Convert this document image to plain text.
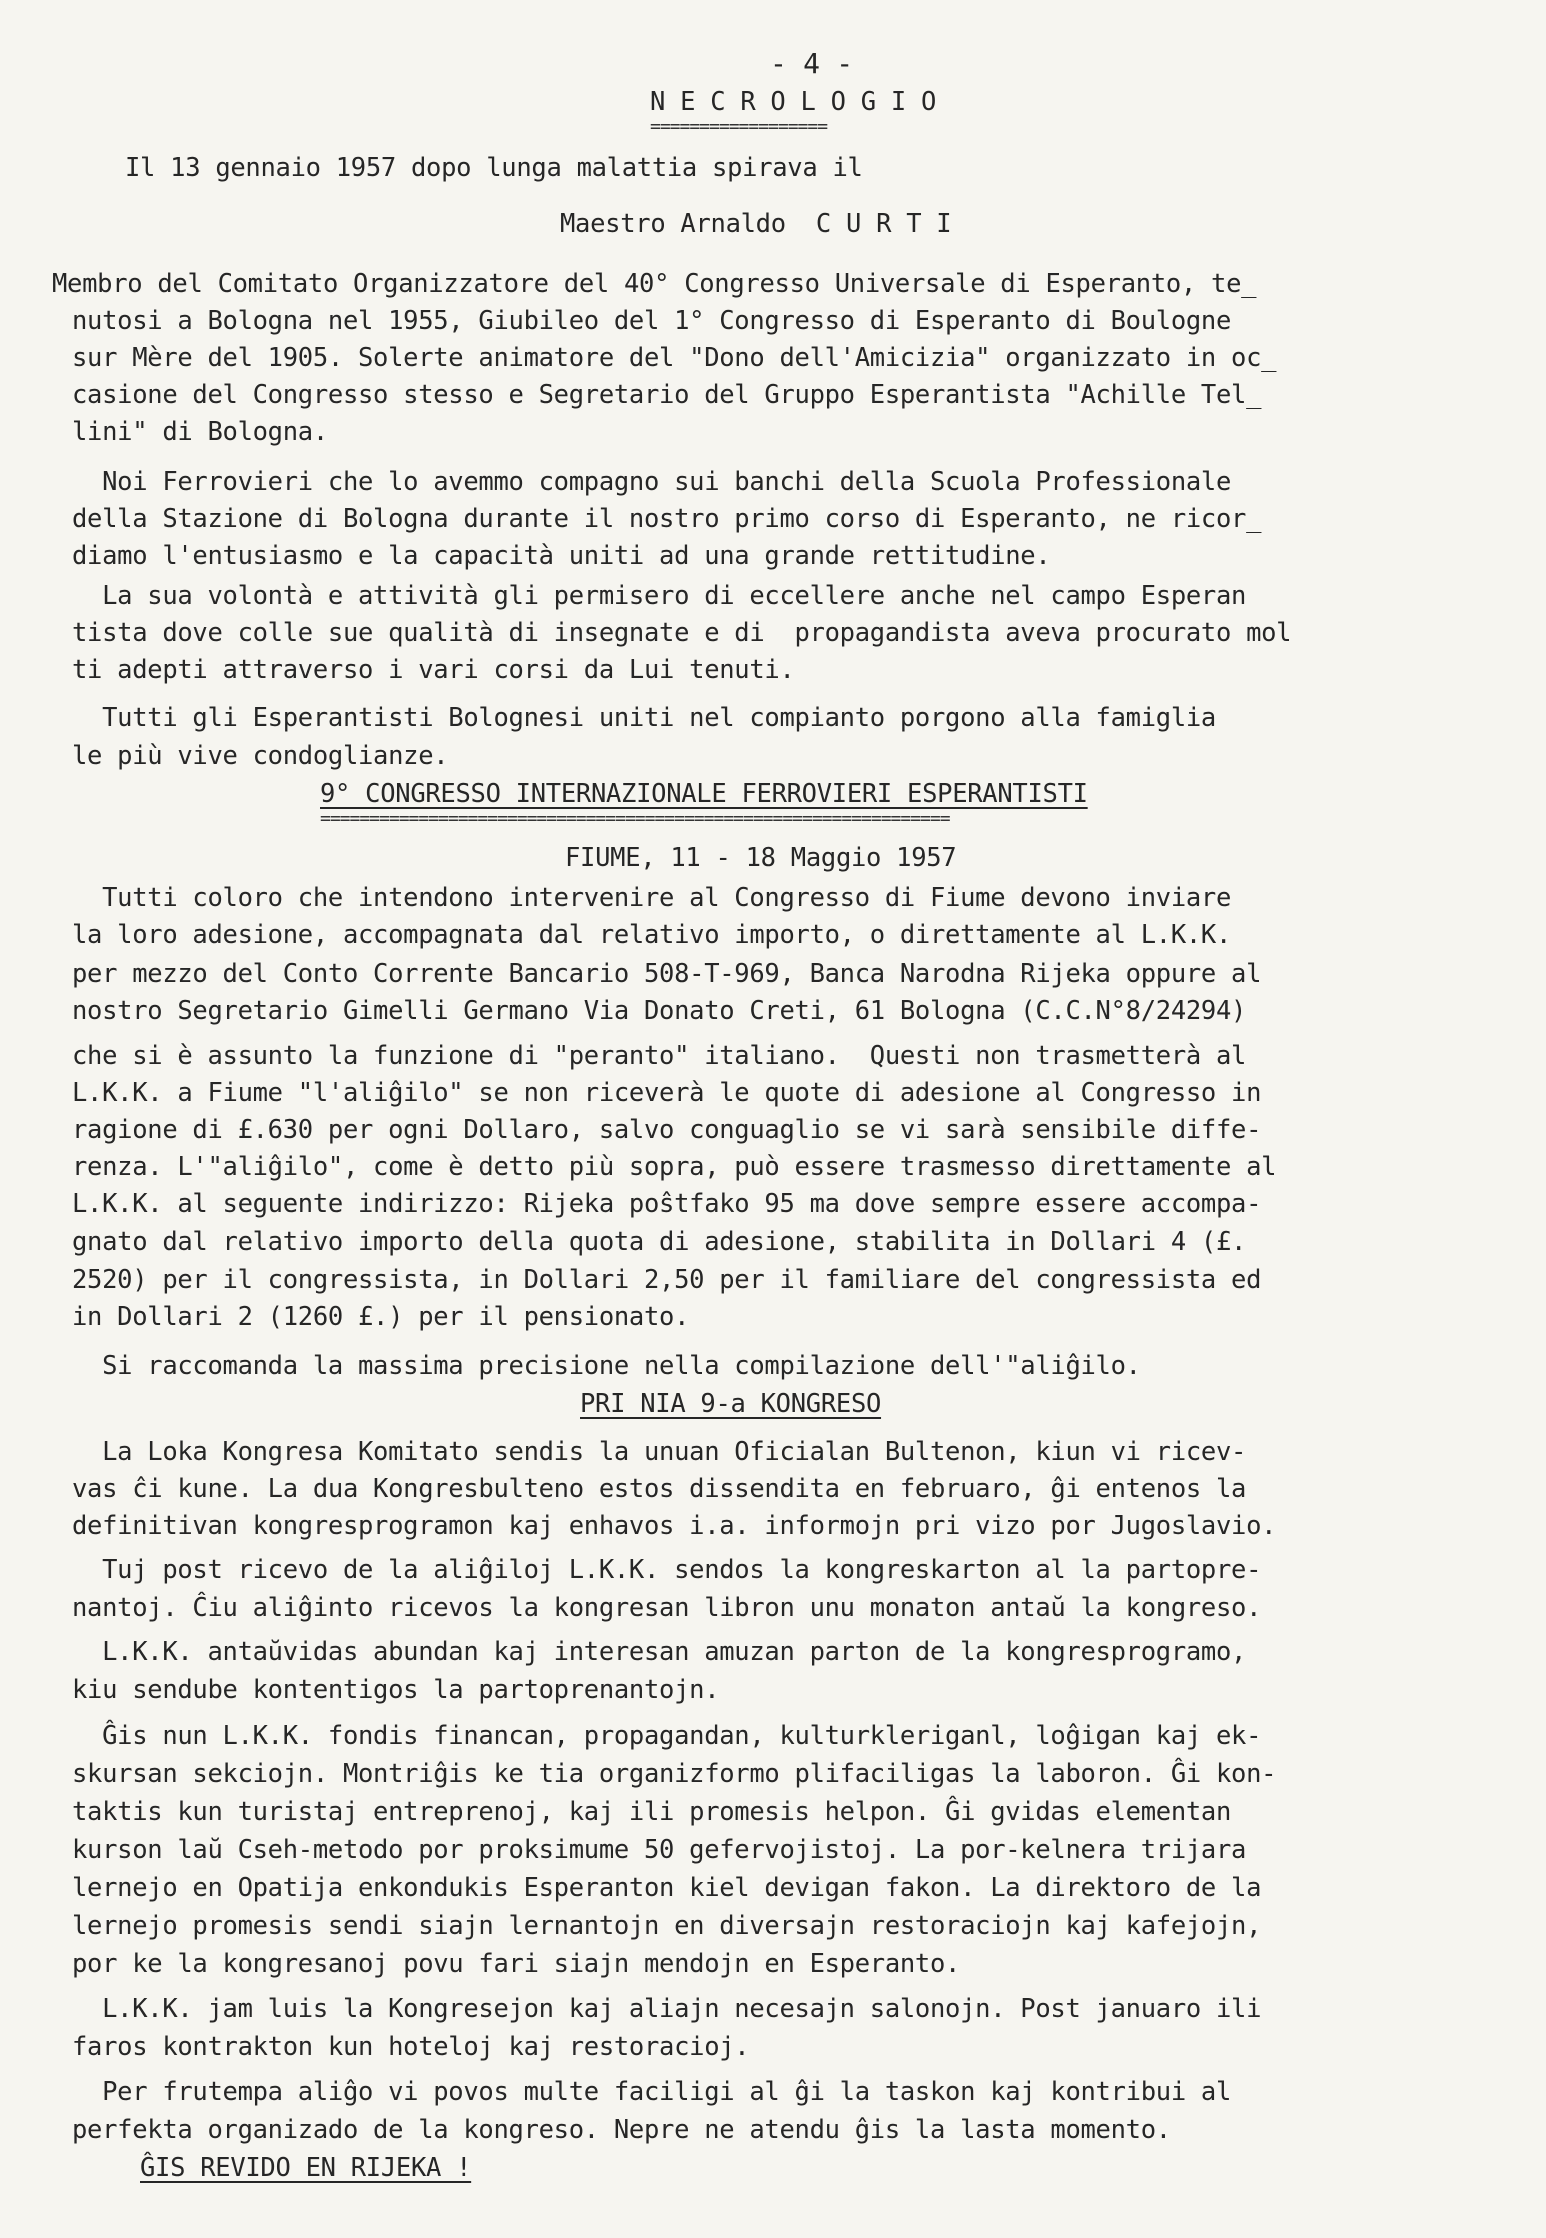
- 4 -
N E C R O L O G I O
==================
Il 13 gennaio 1957 dopo lunga malattia spirava il
Maestro Arnaldo  C U R T I
Membro del Comitato Organizzatore del 40° Congresso Universale di Esperanto, te_
nutosi a Bologna nel 1955, Giubileo del 1° Congresso di Esperanto di Boulogne
sur Mère del 1905. Solerte animatore del "Dono dell'Amicizia" organizzato in oc_
casione del Congresso stesso e Segretario del Gruppo Esperantista "Achille Tel_
lini" di Bologna.
Noi Ferrovieri che lo avemmo compagno sui banchi della Scuola Professionale
della Stazione di Bologna durante il nostro primo corso di Esperanto, ne ricor_
diamo l'entusiasmo e la capacità uniti ad una grande rettitudine.
La sua volontà e attività gli permisero di eccellere anche nel campo Esperan
tista dove colle sue qualità di insegnate e di  propagandista aveva procurato mol
ti adepti attraverso i vari corsi da Lui tenuti.
Tutti gli Esperantisti Bolognesi uniti nel compianto porgono alla famiglia
le più vive condoglianze.
9° CONGRESSO INTERNAZIONALE FERROVIERI ESPERANTISTI
================================================================
FIUME, 11 - 18 Maggio 1957
Tutti coloro che intendono intervenire al Congresso di Fiume devono inviare
la loro adesione, accompagnata dal relativo importo, o direttamente al L.K.K.
per mezzo del Conto Corrente Bancario 508-T-969, Banca Narodna Rijeka oppure al
nostro Segretario Gimelli Germano Via Donato Creti, 61 Bologna (C.C.N°8/24294)
che si è assunto la funzione di "peranto" italiano.  Questi non trasmetterà al
L.K.K. a Fiume "l'aliĝilo" se non riceverà le quote di adesione al Congresso in
ragione di £.630 per ogni Dollaro, salvo conguaglio se vi sarà sensibile diffe-
renza. L'"aliĝilo", come è detto più sopra, può essere trasmesso direttamente al
L.K.K. al seguente indirizzo: Rijeka poŝtfako 95 ma dove sempre essere accompa-
gnato dal relativo importo della quota di adesione, stabilita in Dollari 4 (£.
2520) per il congressista, in Dollari 2,50 per il familiare del congressista ed
in Dollari 2 (1260 £.) per il pensionato.
Si raccomanda la massima precisione nella compilazione dell'"aliĝilo.
PRI NIA 9-a KONGRESO
La Loka Kongresa Komitato sendis la unuan Oficialan Bultenon, kiun vi ricev-
vas ĉi kune. La dua Kongresbulteno estos dissendita en februaro, ĝi entenos la
definitivan kongresprogramon kaj enhavos i.a. informojn pri vizo por Jugoslavio.
Tuj post ricevo de la aliĝiloj L.K.K. sendos la kongreskarton al la partopre-
nantoj. Ĉiu aliĝinto ricevos la kongresan libron unu monaton antaŭ la kongreso.
L.K.K. antaŭvidas abundan kaj interesan amuzan parton de la kongresprogramo,
kiu sendube kontentigos la partoprenantojn.
Ĝis nun L.K.K. fondis financan, propagandan, kulturkleriganl, loĝigan kaj ek-
skursan sekciojn. Montriĝis ke tia organizformo plifaciligas la laboron. Ĝi kon-
taktis kun turistaj entreprenoj, kaj ili promesis helpon. Ĝi gvidas elementan
kurson laŭ Cseh-metodo por proksimume 50 gefervojistoj. La por-kelnera trijara
lernejo en Opatija enkondukis Esperanton kiel devigan fakon. La direktoro de la
lernejo promesis sendi siajn lernantojn en diversajn restoraciojn kaj kafejojn,
por ke la kongresanoj povu fari siajn mendojn en Esperanto.
L.K.K. jam luis la Kongresejon kaj aliajn necesajn salonojn. Post januaro ili
faros kontrakton kun hoteloj kaj restoracioj.
Per frutempa aliĝo vi povos multe faciligi al ĝi la taskon kaj kontribui al
perfekta organizado de la kongreso. Nepre ne atendu ĝis la lasta momento.
ĜIS REVIDO EN RIJEKA !
